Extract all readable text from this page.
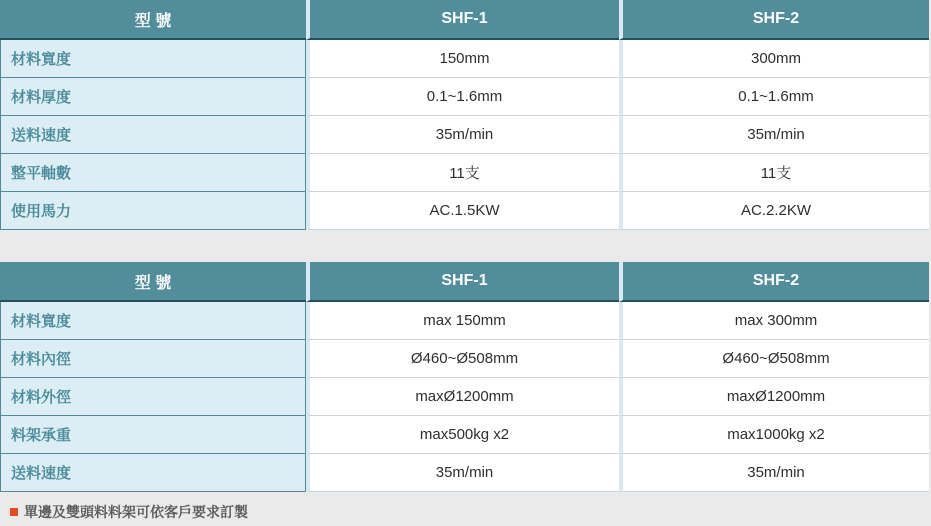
型 號	SHF-1	SHF-2
材料寬度	150mm	300mm
材料厚度	0.1~1.6mm	0.1~1.6mm
送料速度	35m/min	35m/min
整平軸數	11支	11支
使用馬力	AC.1.5KW	AC.2.2KW
型 號	SHF-1	SHF-2
材料寬度	max 150mm	max 300mm
材料內徑	Ø460~Ø508mm	Ø460~Ø508mm
材料外徑	maxØ1200mm	maxØ1200mm
料架承重	max500kg x2	max1000kg x2
送料速度	35m/min	35m/min
單邊及雙頭料料架可依客戶要求訂製
